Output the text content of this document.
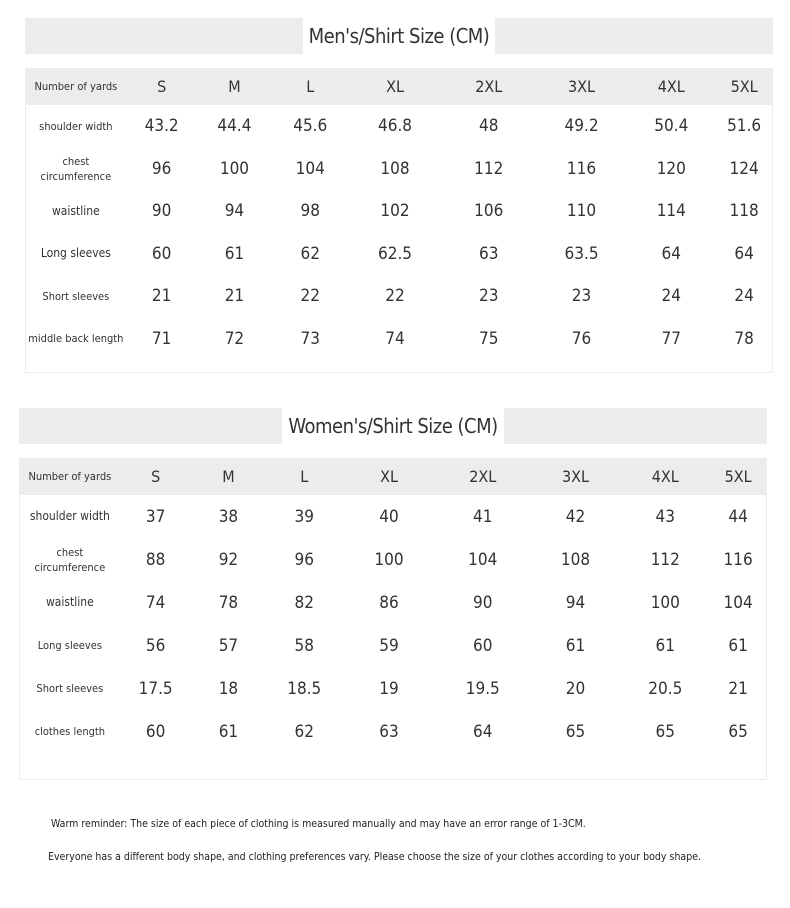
Men's/Shirt Size (CM)
Number of yards	S	M	L	XL	2XL	3XL	4XL	5XL
shoulder width	43.2	44.4	45.6	46.8	48	49.2	50.4	51.6
chest circumference	96	100	104	108	112	116	120	124
waistline	90	94	98	102	106	110	114	118
Long sleeves	60	61	62	62.5	63	63.5	64	64
Short sleeves	21	21	22	22	23	23	24	24
middle back length	71	72	73	74	75	76	77	78
Women's/Shirt Size (CM)
Number of yards	S	M	L	XL	2XL	3XL	4XL	5XL
shoulder width	37	38	39	40	41	42	43	44
chest circumference	88	92	96	100	104	108	112	116
waistline	74	78	82	86	90	94	100	104
Long sleeves	56	57	58	59	60	61	61	61
Short sleeves	17.5	18	18.5	19	19.5	20	20.5	21
clothes length	60	61	62	63	64	65	65	65

Warm reminder: The size of each piece of clothing is measured manually and may have an error range of 1-3CM.

Everyone has a different body shape, and clothing preferences vary. Please choose the size of your clothes according to your body shape.
